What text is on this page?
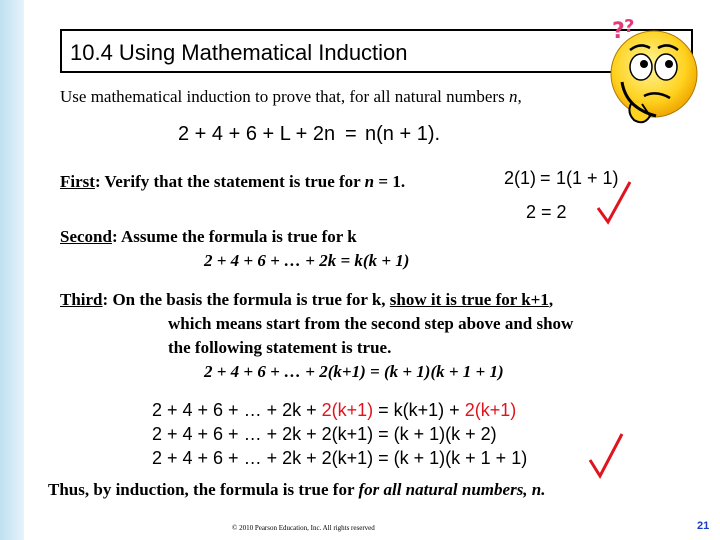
10.4 Using Mathematical Induction
? ?
Use mathematical induction to prove that, for all natural numbers n,
2 + 4 + 6 + L + 2n = n(n + 1).
First: Verify that the statement is true for n = 1.	2(1) = 1(1 + 1)
2 = 2
Second: Assume the formula is true for k
2 + 4 + 6 + … + 2k = k(k + 1)
Third: On the basis the formula is true for k, show it is true for k+1,
which means start from the second step above and show
the following statement is true.
2 + 4 + 6 + … + 2(k+1) = (k + 1)(k + 1 + 1)
2 + 4 + 6 + … + 2k + 2(k+1) = k(k+1) + 2(k+1)
2 + 4 + 6 + … + 2k + 2(k+1) = (k + 1)(k + 2)
2 + 4 + 6 + … + 2k + 2(k+1) = (k + 1)(k + 1 + 1)
Thus, by induction, the formula is true for for all natural numbers, n.
© 2010 Pearson Education, Inc. All rights reserved	21
